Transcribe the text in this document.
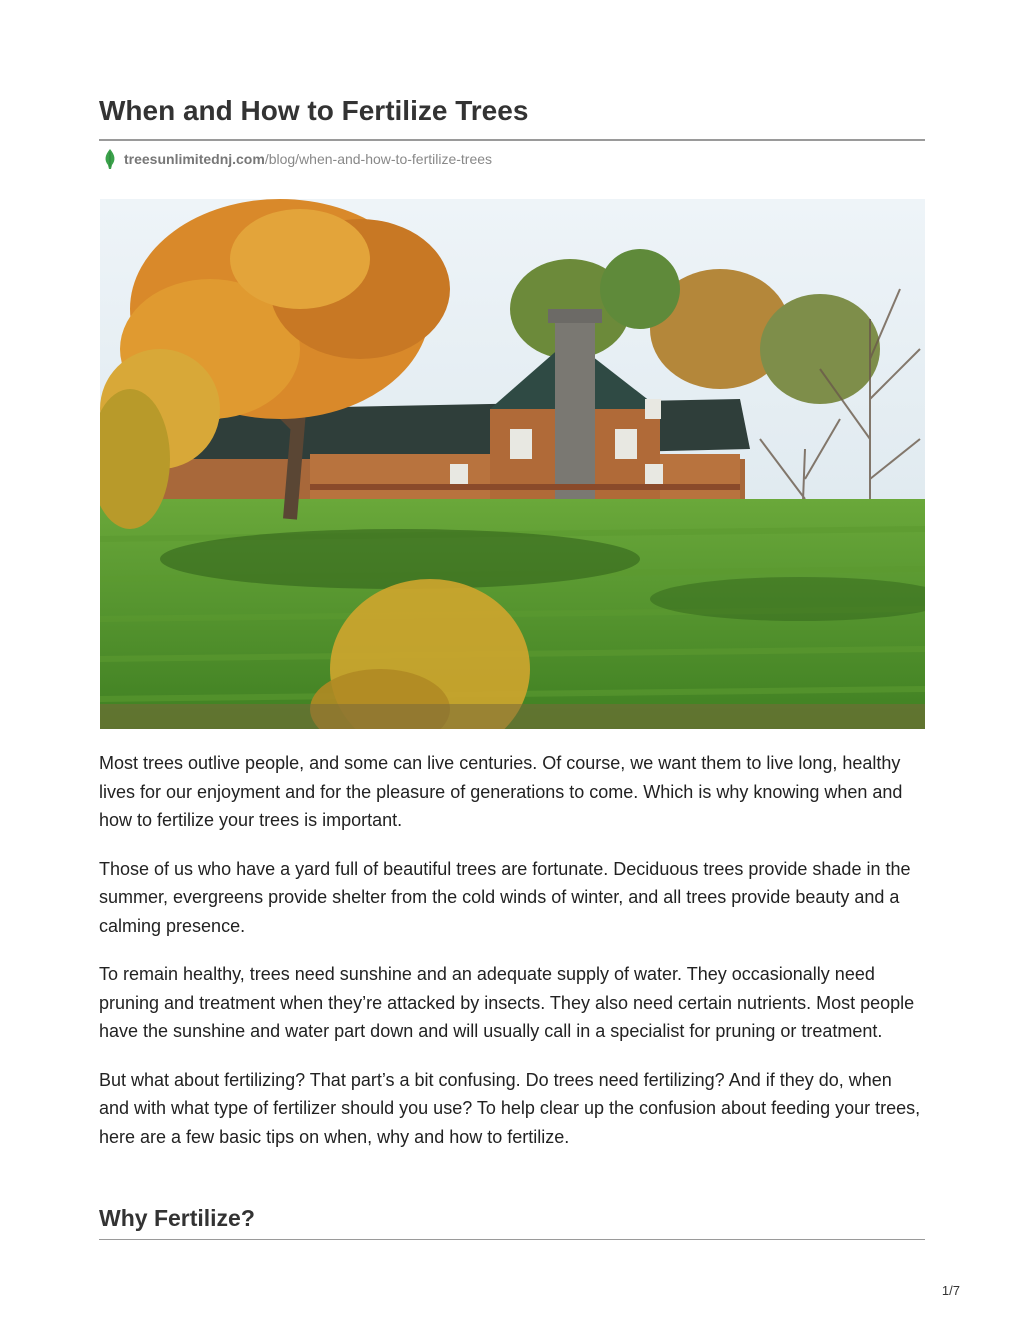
When and How to Fertilize Trees
treesunlimitednj.com /blog/when-and-how-to-fertilize-trees

Most trees outlive people, and some can live centuries. Of course, we want them to live long, healthy lives for our enjoyment and for the pleasure of generations to come. Which is why knowing when and how to fertilize your trees is important.

Those of us who have a yard full of beautiful trees are fortunate. Deciduous trees provide shade in the summer, evergreens provide shelter from the cold winds of winter, and all trees provide beauty and a calming presence.

To remain healthy, trees need sunshine and an adequate supply of water. They occasionally need pruning and treatment when they’re attacked by insects. They also need certain nutrients. Most people have the sunshine and water part down and will usually call in a specialist for pruning or treatment.

But what about fertilizing? That part’s a bit confusing. Do trees need fertilizing? And if they do, when and with what type of fertilizer should you use? To help clear up the confusion about feeding your trees, here are a few basic tips on when, why and how to fertilize.

Why Fertilize?
1/7
